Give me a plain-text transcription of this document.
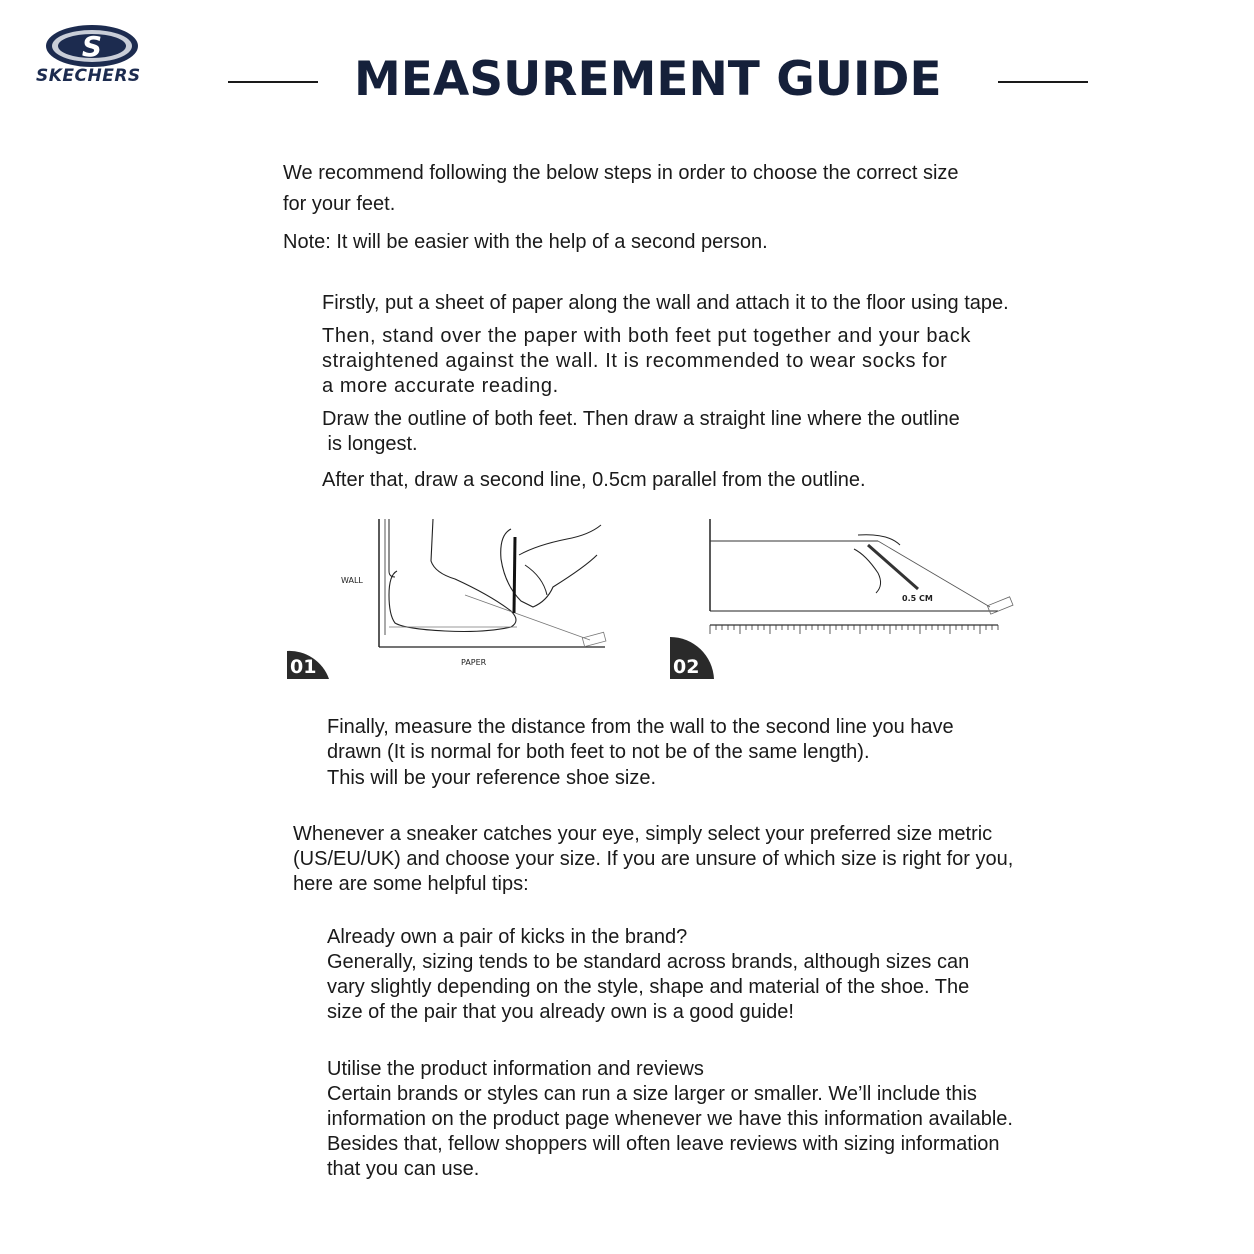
S
SKECHERS	MEASUREMENT GUIDE

We recommend following the below steps in order to choose the correct size

for your feet.

Note: It will be easier with the help of a second person.

Firstly, put a sheet of paper along the wall and attach it to the floor using tape.
Then, stand over the paper with both feet put together and your back
straightened against the wall. It is recommended to wear socks for
a more accurate reading.
Draw the outline of both feet. Then draw a straight line where the outline
is longest.
After that, draw a second line, 0.5cm parallel from the outline.
WALL
PAPER
01
0.5 CM
02
Finally, measure the distance from the wall to the second line you have
drawn (It is normal for both feet to not be of the same length).
This will be your reference shoe size.

Whenever a sneaker catches your eye, simply select your preferred size metric

(US/EU/UK) and choose your size. If you are unsure of which size is right for you,

here are some helpful tips:

Already own a pair of kicks in the brand?
Generally, sizing tends to be standard across brands, although sizes can
vary slightly depending on the style, shape and material of the shoe. The
size of the pair that you already own is a good guide!
Utilise the product information and reviews
Certain brands or styles can run a size larger or smaller. We’ll include this
information on the product page whenever we have this information available.
Besides that, fellow shoppers will often leave reviews with sizing information
that you can use.
